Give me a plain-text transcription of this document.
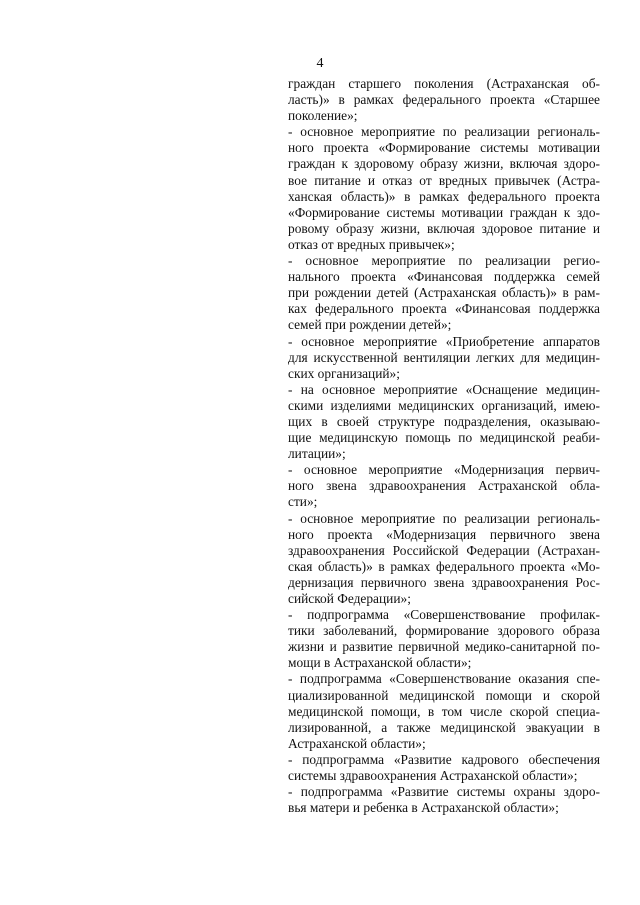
4
граждан старшего поколения (Астраханская об-
ласть)» в рамках федерального проекта «Старшее
поколение»;
- основное мероприятие по реализации региональ-
ного проекта «Формирование системы мотивации
граждан к здоровому образу жизни, включая здоро-
вое питание и отказ от вредных привычек (Астра-
ханская область)» в рамках федерального проекта
«Формирование системы мотивации граждан к здо-
ровому образу жизни, включая здоровое питание и
отказ от вредных привычек»;
- основное мероприятие по реализации регио-
нального проекта «Финансовая поддержка семей
при рождении детей (Астраханская область)» в рам-
ках федерального проекта «Финансовая поддержка
семей при рождении детей»;
- основное мероприятие «Приобретение аппаратов
для искусственной вентиляции легких для медицин-
ских организаций»;
- на основное мероприятие «Оснащение медицин-
скими изделиями медицинских организаций, имею-
щих в своей структуре подразделения, оказываю-
щие медицинскую помощь по медицинской реаби-
литации»;
- основное мероприятие «Модернизация первич-
ного звена здравоохранения Астраханской обла-
сти»;
- основное мероприятие по реализации региональ-
ного проекта «Модернизация первичного звена
здравоохранения Российской Федерации (Астрахан-
ская область)» в рамках федерального проекта «Мо-
дернизация первичного звена здравоохранения Рос-
сийской Федерации»;
- подпрограмма «Совершенствование профилак-
тики заболеваний, формирование здорового образа
жизни и развитие первичной медико-санитарной по-
мощи в Астраханской области»;
- подпрограмма «Совершенствование оказания спе-
циализированной медицинской помощи и скорой
медицинской помощи, в том числе скорой специа-
лизированной, а также медицинской эвакуации в
Астраханской области»;
- подпрограмма «Развитие кадрового обеспечения
системы здравоохранения Астраханской области»;
- подпрограмма «Развитие системы охраны здоро-
вья матери и ребенка в Астраханской области»;
